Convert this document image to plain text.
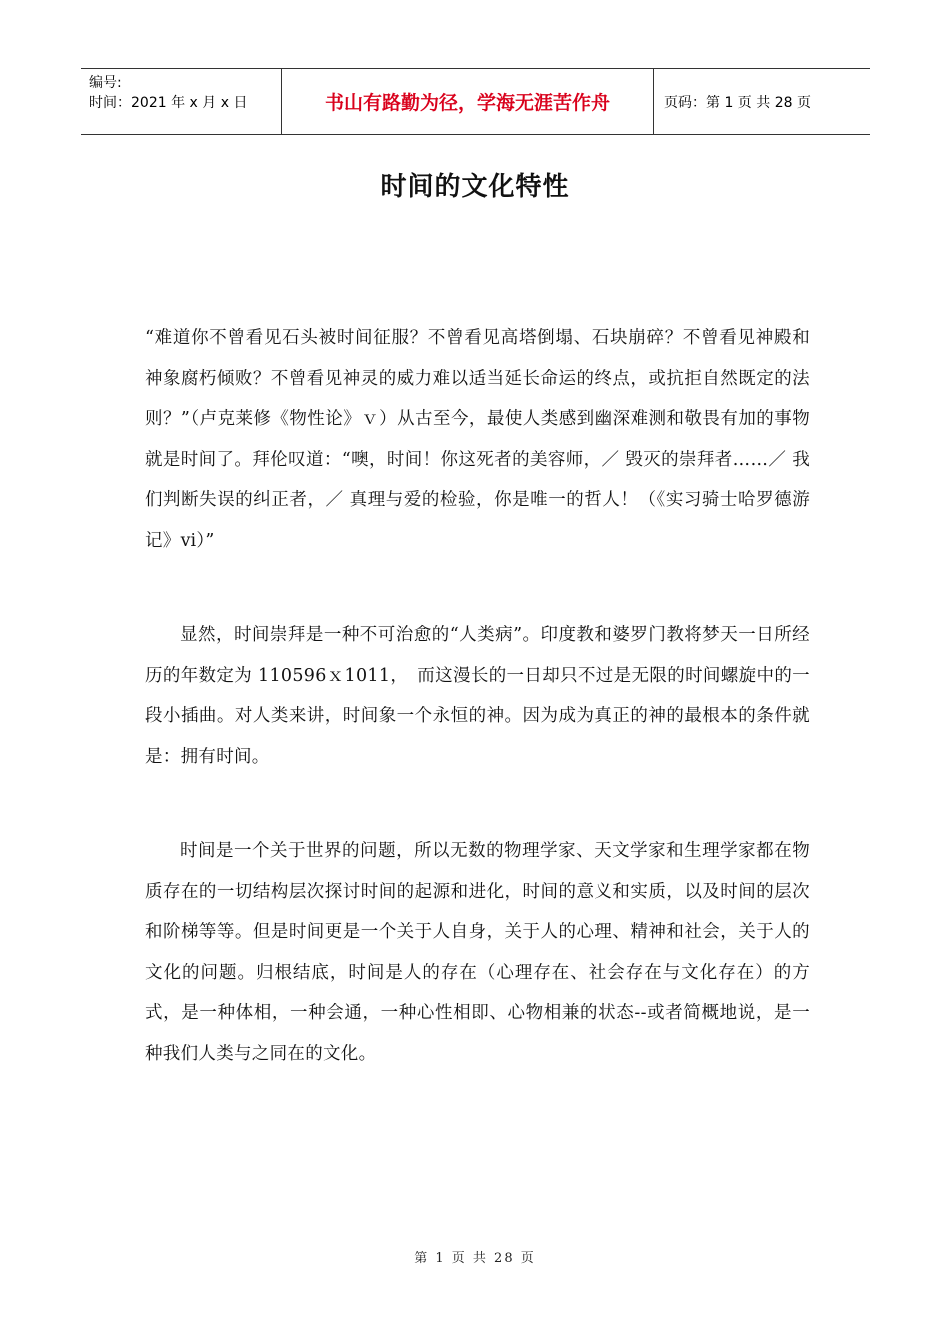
编号:
时间：2021 年 x 月 x 日	书山有路勤为径，学海无涯苦作舟	页码：第 1 页 共 28 页
时间的文化特性

“难道你不曾看见石头被时间征服？不曾看见高塔倒塌、石块崩碎？不曾看见神殿和神象腐朽倾败？不曾看见神灵的威力难以适当延长命运的终点，或抗拒自然既定的法则？”（卢克莱修《物性论》ｖ）从古至今，最使人类感到幽深难测和敬畏有加的事物就是时间了。拜伦叹道：“噢，时间！你这死者的美容师，／ 毁灭的崇拜者……／ 我们判断失误的纠正者，／ 真理与爱的检验，你是唯一的哲人！（《实习骑士哈罗德游记》ⅵ）”

显然，时间崇拜是一种不可治愈的“人类病”。印度教和婆罗门教将梦天一日所经历的年数定为 110596ｘ1011，　而这漫长的一日却只不过是无限的时间螺旋中的一段小插曲。对人类来讲，时间象一个永恒的神。因为成为真正的神的最根本的条件就是：拥有时间。

时间是一个关于世界的问题，所以无数的物理学家、天文学家和生理学家都在物质存在的一切结构层次探讨时间的起源和进化，时间的意义和实质，以及时间的层次和阶梯等等。但是时间更是一个关于人自身，关于人的心理、精神和社会，关于人的文化的问题。归根结底，时间是人的存在（心理存在、社会存在与文化存在）的方式，是一种体相，一种会通，一种心性相即、心物相兼的状态--或者简概地说，是一种我们人类与之同在的文化。

第 1 页 共 28 页
